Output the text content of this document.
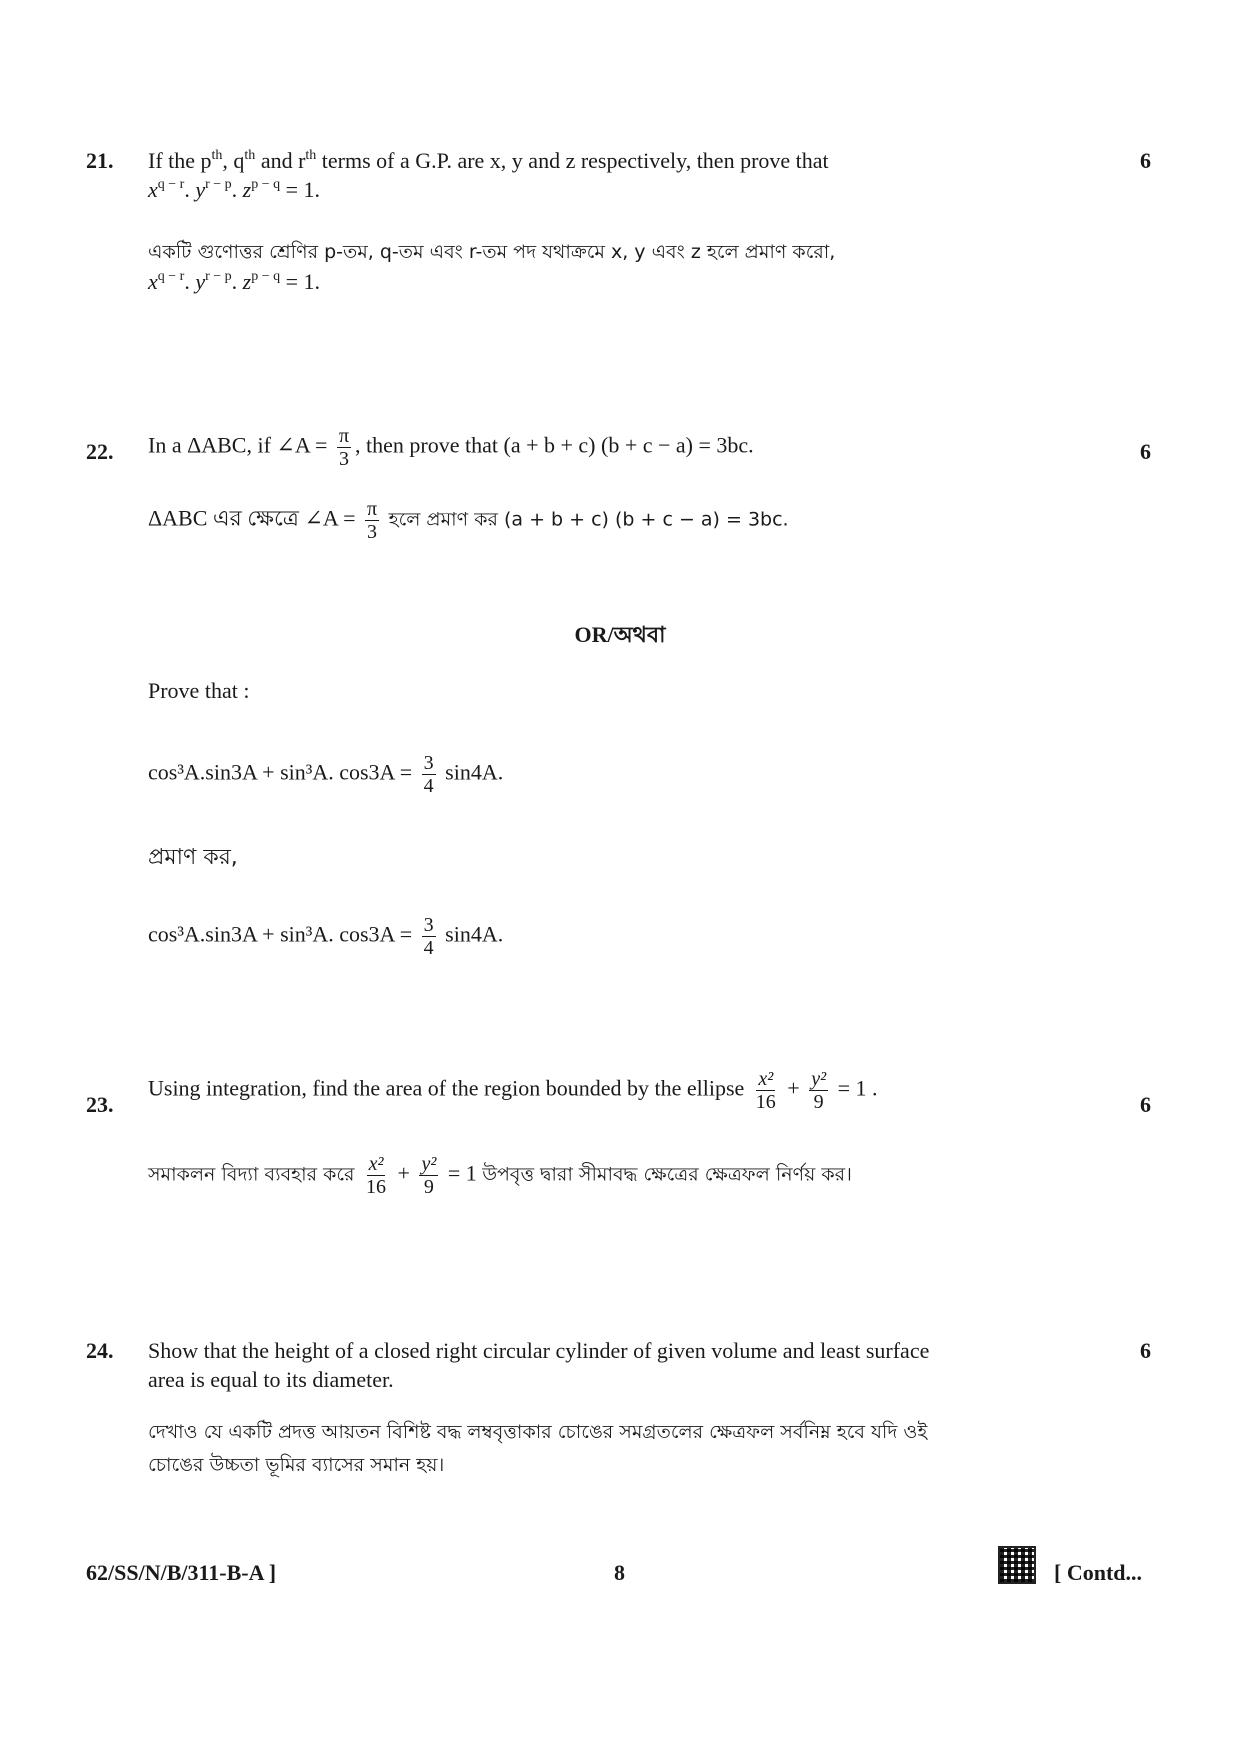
21. If the $p^{th}$, $q^{th}$ and $r^{th}$ terms of a G.P. are x, y and z respectively, then prove that
$x^{q - r}$. $y^{r - p}$. $z^{p - q} = 1$.
একটি গুণোত্তর শ্রেণির p-তম, q-তম এবং r-তম পদ যথাক্রমে x, y এবং z হলে প্রমাণ করো,
$x^{q - r}$. $y^{r - p}$. $z^{p - q} = 1$.
6
22. In a ΔABC, if ∠A = $\frac{\pi}{3}$ , then prove that (a + b + c) (b + c − a) = 3bc.
ΔABC এর ক্ষেত্রে ∠A = $\frac{\pi}{3}$ হলে প্রমাণ কর (a + b + c) (b + c − a) = 3bc.
6
OR/অথবা
Prove that :
cos³A.sin3A + sin³A. $\cos 3A = \frac{3}{4} \sin 4A$.
প্রমাণ কর,
cos³A.sin3A + sin³A. $\cos 3A = \frac{3}{4} \sin 4A$.
23.
Using integration, find the area of the region bounded by the ellipse $\frac{\text{x²}}{16} + \frac{\text{y²}}{9} = 1$ .
সমাকলন বিদ্যা ব্যবহার করে $\frac{\text{x²}}{16} + \frac{\text{y²}}{9} = 1$ উপবৃত্ত দ্বারা সীমাবদ্ধ ক্ষেত্রের ক্ষেত্রফল নির্ণয় কর।
6
24. Show that the height of a closed right circular cylinder of given volume and least surface
area is equal to its diameter.
দেখাও যে একটি প্রদত্ত আয়তন বিশিষ্ট বদ্ধ লম্ববৃত্তাকার চোঙের সমগ্রতলের ক্ষেত্রফল সর্বনিম্ন হবে যদি ওই
চোঙের উচ্চতা ভূমির ব্যাসের সমান হয়।
6
62/SS/N/B/311-B-A ]	8	[ Contd...
